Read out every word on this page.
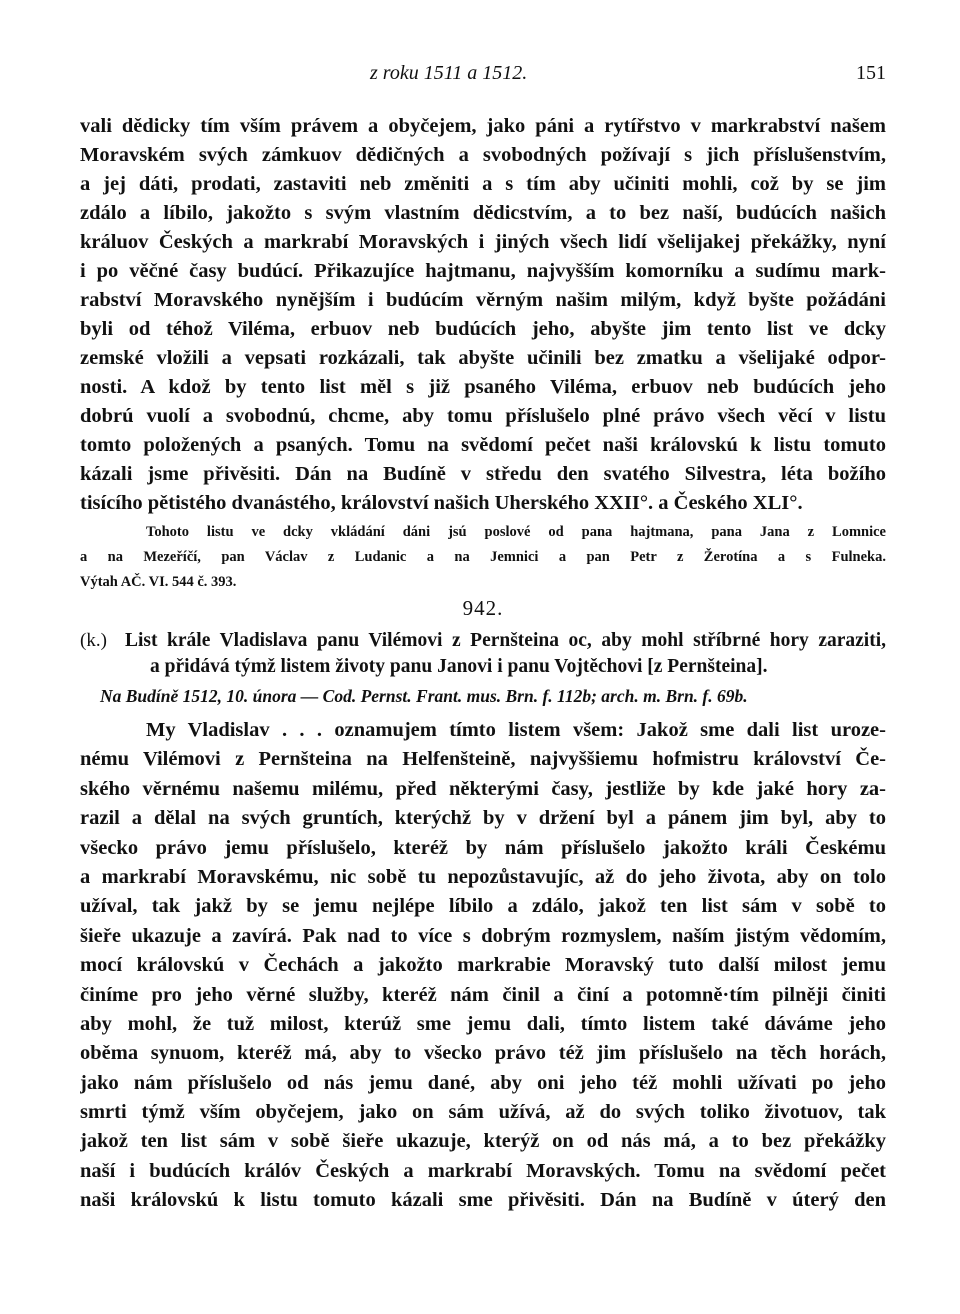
z roku 1511 a 1512.	151
vali dědicky tím vším právem a obyčejem, jako páni a rytířstvo v markrabství našem
Moravském svých zámkuov dědičných a svobodných požívají s jich příslušenstvím,
a jej dáti, prodati, zastaviti neb změniti a s tím aby učiniti mohli, což by se jim
zdálo a líbilo, jakožto s svým vlastním dědicstvím, a to bez naší, budúcích našich
králuov Českých a markrabí Moravských i jiných všech lidí všelijakej překážky, nyní
i po věčné časy budúcí. Přikazujíce hajtmanu, najvyšším komorníku a sudímu mark-
rabství Moravského nynějším i budúcím věrným našim milým, když byšte požádáni
byli od téhož Viléma, erbuov neb budúcích jeho, abyšte jim tento list ve dcky
zemské vložili a vepsati rozkázali, tak abyšte učinili bez zmatku a všelijaké odpor-
nosti. A kdož by tento list měl s již psaného Viléma, erbuov neb budúcích jeho
dobrú vuolí a svobodnú, chcme, aby tomu příslušelo plné právo všech věcí v listu
tomto položených a psaných. Tomu na svědomí pečet naši královskú k listu tomuto
kázali jsme přivěsiti. Dán na Budíně v středu den svatého Silvestra, léta božího
tisícího pětistého dvanástého, království našich Uherského XXII°. a Českého XLI°.
Tohoto listu ve dcky vkládání dáni jsú poslové od pana hajtmana, pana Jana z Lomnice
a na Mezeříčí, pan Václav z Ludanic a na Jemnici a pan Petr z Žerotína a s Fulneka.
Výtah AČ. VI. 544 č. 393.
942.
(k.) List krále Vladislava panu Vilémovi z Pernšteina oc, aby mohl stříbrné hory zaraziti,
a přidává týmž listem životy panu Janovi i panu Vojtěchovi [z Pernšteina].
Na Budíně 1512, 10. února — Cod. Pernst. Frant. mus. Brn. f. 112b; arch. m. Brn. f. 69b.
My Vladislav . . . oznamujem tímto listem všem: Jakož sme dali list urozе-
nému Vilémovi z Pernšteina na Helfenšteině, najvyššiemu hofmistru království Če-
ského věrnému našemu milému, před některými časy, jestliže by kde jaké hory za-
razil a dělal na svých gruntích, kterýchž by v držení byl a pánem jim byl, aby to
všecko právo jemu příslušelo, kteréž by nám příslušelo jakožto králi Českému
a markrabí Moravskému, nic sobě tu nepozůstavujíc, až do jeho života, aby on tolo
užíval, tak jakž by se jemu nejlépe líbilo a zdálo, jakož ten list sám v sobě to
šieře ukazuje a zavírá. Pak nad to více s dobrým rozmyslem, naším jistým vědomím,
mocí královskú v Čechách a jakožto markrabie Moravský tuto další milost jemu
činíme pro jeho věrné služby, kteréž nám činil a činí a potomně·tím pilněji činiti
aby mohl, že tuž milost, kterúž sme jemu dali, tímto listem také dáváme jeho
oběma synuom, kteréž má, aby to všecko právo též jim příslušelo na těch horách,
jako nám příslušelo od nás jemu dané, aby oni jeho též mohli užívati po jeho
smrti týmž vším obyčejem, jako on sám užívá, až do svých toliko životuov, tak
jakož ten list sám v sobě šieře ukazuje, kterýž on od nás má, a to bez překážky
naší i budúcích králóv Českých a markrabí Moravských. Tomu na svědomí pečet
naši královskú k listu tomuto kázali sme přivěsiti. Dán na Budíně v úterý den
